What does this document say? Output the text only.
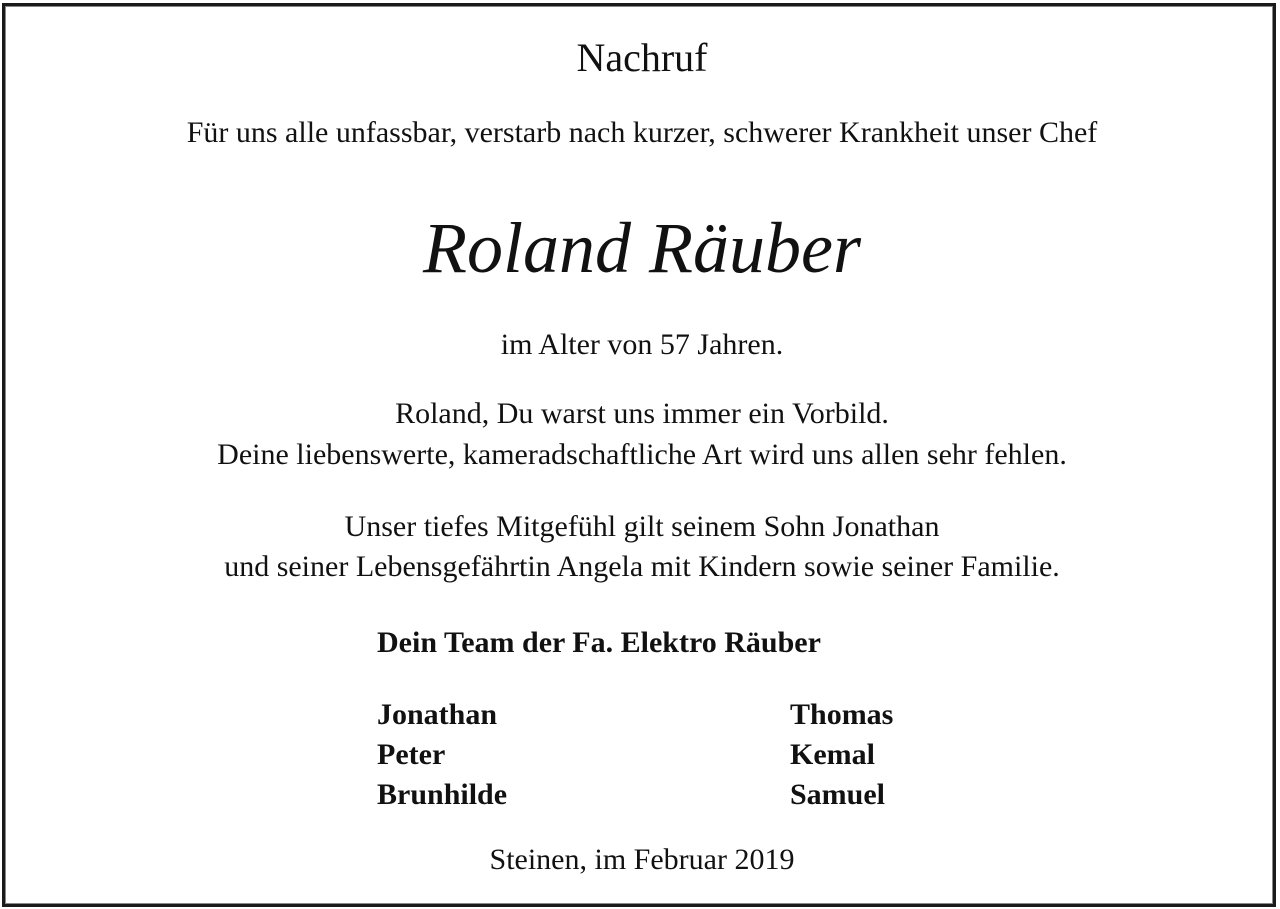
Nachruf
Für uns alle unfassbar, verstarb nach kurzer, schwerer Krankheit unser Chef
Roland Räuber
im Alter von 57 Jahren.
Roland, Du warst uns immer ein Vorbild.
Deine liebenswerte, kameradschaftliche Art wird uns allen sehr fehlen.
Unser tiefes Mitgefühl gilt seinem Sohn Jonathan
und seiner Lebensgefährtin Angela mit Kindern sowie seiner Familie.
Dein Team der Fa. Elektro Räuber
Jonathan
Peter
Brunhilde
Thomas
Kemal
Samuel
Steinen, im Februar 2019
